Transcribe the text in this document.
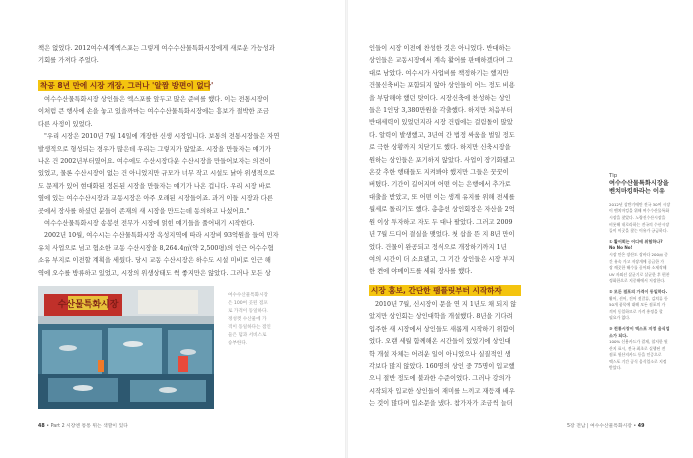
책은 없었다. 2012여수세계엑스포는 그렇게 여수수산물특화시장에게 새로운 가능성과

기회를 가져다 주었다.

착공 8년 만에 시장 개장, 그러나 '알짬 방편이 없다'

여수수산물특화시장 상인들은 엑스포를 앞두고 많은 준비를 했다. 이는 전통시장이

이처럼 큰 행사에 손을 놓고 있을까마는 여수수산물특화시장에는 흥보가 절박한 조금

다른 사정이 있었다.

"우리 시장은 2010년 7월 14일에 개장한 신생 시장입니다. 보통의 전통시장들은 자연

발생적으로 형성되는 경우가 많은데 우리는 그렇지가 않았죠. 시장을 만들자는 얘기가

나온 건 2002년부터였어요. 여수에도 수산시장다운 수산시장을 만들어보자는 의견이

있었고, 물론 수산시장이 없는 건 아니었지만 규모가 너무 작고 시설도 낡아 위생적으로

도 문제가 있어 현대화된 정돈된 시장을 만들자는 얘기가 나온 겁니다. 우리 시장 바로

옆에 있는 여수수산시장과 교동시장은 아주 오래된 시장들이죠. 과거 이들 시장과 다른

곳에서 장사를 하셨던 분들이 존재의 새 시장을 만드는데 동의하고 나섰어요."

여수수산물특화시장 송봉선 전무가 시장에 얽힌 얘기들을 풀어내기 시작한다.

2002년 10월, 여수시는 수산물특화시장 옥성지역에 따라 시장비 93억원을 들여 민자

유치 사업으로 넘고 협소한 교동 수산시장을 8,264.4㎡(약 2,500평)의 인근 어수수협

소유 부지로 이전할 계획을 세웠다. 당시 교동 수산시장은 하수도 시설 미비로 인근 해

역에 오수를 방류하고 있었고, 시장의 위생상태도 썩 좋지만은 않았다. 그러나 모든 상

수산물특화시장
여수수산물특화시장
은 100여 곳된 점포
로 가격이 동일하다.
정성껏 수산물에 가
격이 동일하다는 점인
들은 덤과 서비스로
승부한다.
48 • Part 2 시장엔 통통 튀는 색깔이 있다

인들이 시장 이전에 찬성한 것은 아니었다. 반대하는

상인들은 교동시장에서 계속 활어를 판매하겠다며 그

대로 남았다. 여수시가 사업비를 책정하기는 했지만

건물신축비는 포함되지 않아 상인들이 어느 정도 비용

을 부담해야 했던 탓이다. 시장신축에 찬성하는 상인

들은 1인당 3,380만원을 각출했다. 하지만 처음부터

반대세력이 있었던지라 시장 건립에는 걸림돌이 많았

다. 알력이 발생했고, 3년여 간 법정 싸움을 벌일 정도

로 극한 상황까지 치닫기도 했다. 하지만 신축시장을

원하는 상인들은 포기하지 않았다. 사업이 장기화됐고

온갖 추한 행태들도 지켜봐야 했지만 그들은 꿋꿋이

버텼다. 기간이 길어지며 어떤 이는 은행에서 추가로

대출을 받았고, 또 어떤 이는 생계 유지를 위해 전세를

월세로 돌리기도 했다. 총총선 상인회장은 자산을 2억

원 이상 투자하고 자도 두 대나 팔았다. 그러고 2009

년 7월 드디어 결실을 맺었다. 첫 삽을 뜬 지 8년 만이

었다. 건물이 완공되고 정식으로 개장하기까지 1년

여의 시간이 더 소요됐고, 그 기간 상인들은 시장 부지

한 켠에 야메이드를 세워 장사를 했다.

시장 홍보, 간단한 팸플릿부터 시작하자

2010년 7월, 신시장이 문을 연 지 1년도 채 되지 않

았지만 상인회는 상인대학을 개설했다. 8년을 기다려

입주한 새 시장에서 상인들도 새롭게 시작하기 위함이

었다. 오랜 세월 함께해온 시간들이 있었기에 상인대

학 개설 자체는 어려운 일이 아니었으나 실질적인 생

각보다 많지 않았다. 160명의 상인 중 75명이 입교했

으니 절반 정도에 불과한 수준이었다. 그러나 강의가

시작되자 입교한 상인들이 재미를 느끼고 재등재 배우

는 것이 많다며 입소문을 냈다. 참가자가 조금씩 늘더

Tip

여수수산물특화시장을

벤치마킹하라는 이유

2012년 상반기에만 전국 30여 시장

이 벤치마킹을 위해 여수수산물특화

시장을 찾았다. 노량진수산시장을

비롯해 내로라하는 전국의 수산시장

들이 이곳을 찾는 이유가 궁금하다.

① 활어회는 어디에 위험하나?

No No No!

시장 안은 장산도 장바다 200㎝ 중

간 유속 가고 저장개에 공급한 가

장 깨끗한 해수를 끌어와 소제작해

UV 자외선 살균기로 살균한 후 편찬

정화한으로 지중해에서 저장한다.

② 모든 점포의 가격이 동일하다.

활어, 선어, 건어 젓갈류, 김치류 등

50개 품목에 대해 모든 점포의 가

격이 동일하므로 가격 흥정을 할

필요가 없다.

③ 전통시장이 엑스포 지정 음식업

소가 되다.

100% 신용카드가 결제, 철저한 원

산지 표시, 전국 최초로 실행된 전

점포 원산지카드 등을 인증으로

엑스포 기간 공식 음식업소로 지정

받았다.

5장 전남 | 여수수산물특화시장 • 49
